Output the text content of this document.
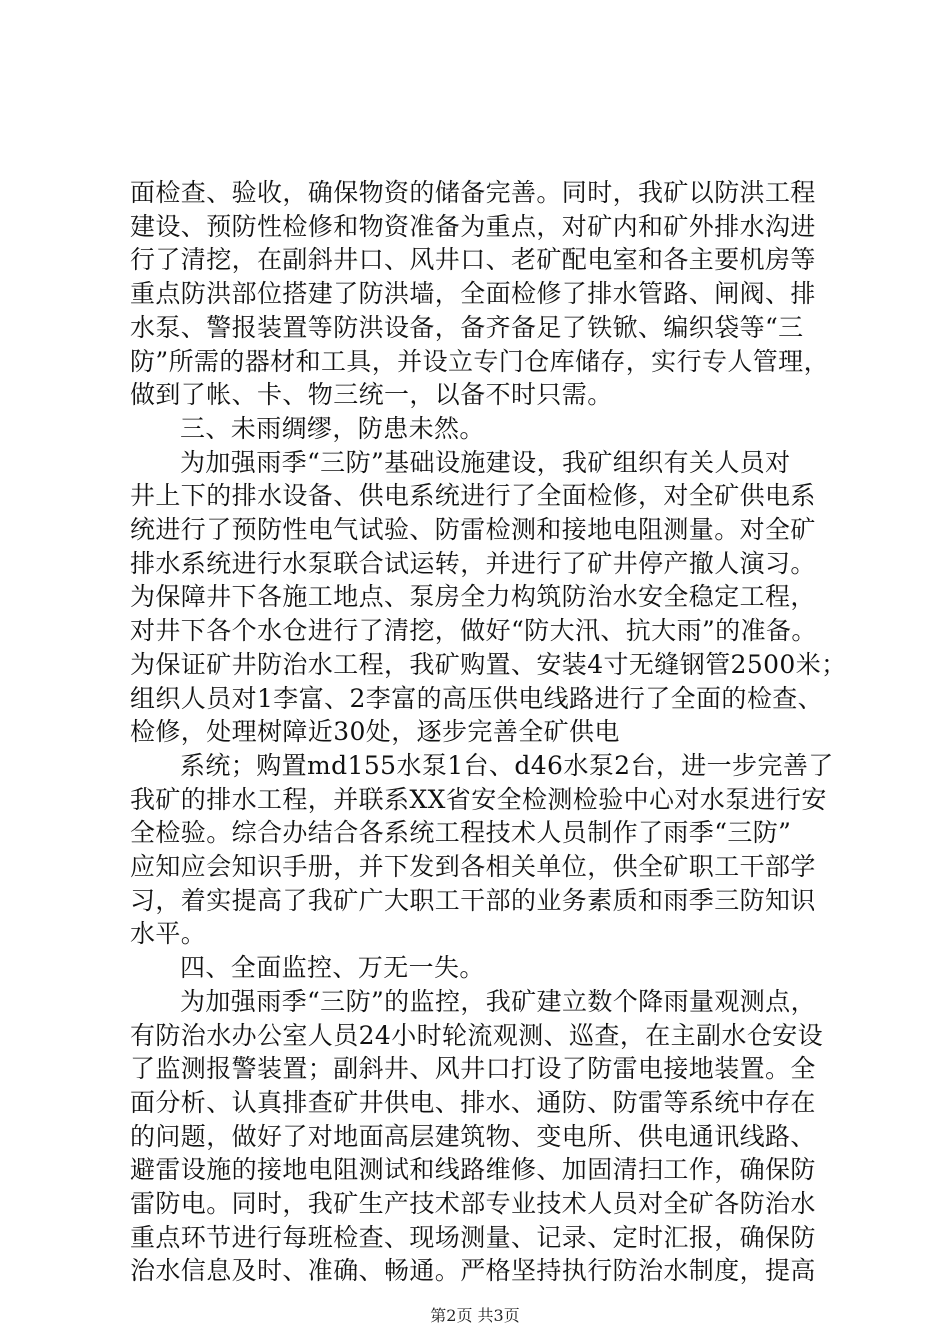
面检查、验收，确保物资的储备完善。同时，我矿以防洪工程
建设、预防性检修和物资准备为重点，对矿内和矿外排水沟进
行了清挖，在副斜井口、风井口、老矿配电室和各主要机房等
重点防洪部位搭建了防洪墙，全面检修了排水管路、闸阀、排
水泵、警报装置等防洪设备，备齐备足了铁锨、编织袋等“三
防”所需的器材和工具，并设立专门仓库储存，实行专人管理，
做到了帐、卡、物三统一，以备不时只需。
三、未雨绸缪，防患未然。
为加强雨季“三防”基础设施建设，我矿组织有关人员对
井上下的排水设备、供电系统进行了全面检修，对全矿供电系
统进行了预防性电气试验、防雷检测和接地电阻测量。对全矿
排水系统进行水泵联合试运转，并进行了矿井停产撤人演习。
为保障井下各施工地点、泵房全力构筑防治水安全稳定工程，
对井下各个水仓进行了清挖，做好“防大汛、抗大雨”的准备。
为保证矿井防治水工程，我矿购置、安装4寸无缝钢管2500米；
组织人员对1李富、2李富的高压供电线路进行了全面的检查、
检修，处理树障近30处，逐步完善全矿供电
系统；购置md155水泵1台、d46水泵2台，进一步完善了
我矿的排水工程，并联系XX省安全检测检验中心对水泵进行安
全检验。综合办结合各系统工程技术人员制作了雨季“三防”
应知应会知识手册，并下发到各相关单位，供全矿职工干部学
习，着实提高了我矿广大职工干部的业务素质和雨季三防知识
水平。
四、全面监控、万无一失。
为加强雨季“三防”的监控，我矿建立数个降雨量观测点，
有防治水办公室人员24小时轮流观测、巡查，在主副水仓安设
了监测报警装置；副斜井、风井口打设了防雷电接地装置。全
面分析、认真排查矿井供电、排水、通防、防雷等系统中存在
的问题，做好了对地面高层建筑物、变电所、供电通讯线路、
避雷设施的接地电阻测试和线路维修、加固清扫工作，确保防
雷防电。同时，我矿生产技术部专业技术人员对全矿各防治水
重点环节进行每班检查、现场测量、记录、定时汇报，确保防
治水信息及时、准确、畅通。严格坚持执行防治水制度，提高
第2页 共3页
